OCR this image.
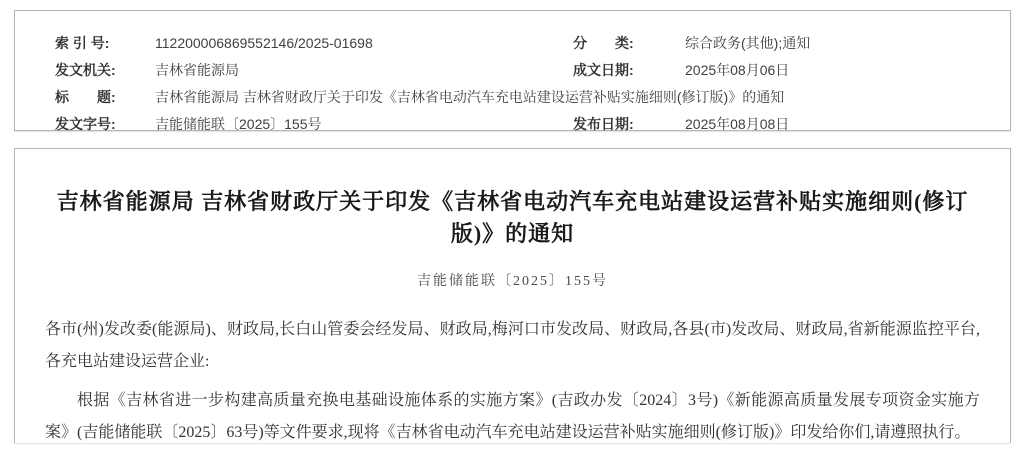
索 引 号:	112200006869552146/2025-01698	分　　类:	综合政务(其他);通知
发文机关:	吉林省能源局	成文日期:	2025年08月06日
标　　题:	吉林省能源局 吉林省财政厅关于印发《吉林省电动汽车充电站建设运营补贴实施细则(修订版)》的通知
发文字号:	吉能储能联〔2025〕155号	发布日期:	2025年08月08日
吉林省能源局 吉林省财政厅关于印发《吉林省电动汽车充电站建设运营补贴实施细则(修订版)》的通知
吉能储能联〔2025〕155号

各市(州)发改委(能源局)、财政局,长白山管委会经发局、财政局,梅河口市发改局、财政局,各县(市)发改局、财政局,省新能源监控平台,各充电站建设运营企业:

根据《吉林省进一步构建高质量充换电基础设施体系的实施方案》(吉政办发〔2024〕3号)《新能源高质量发展专项资金实施方案》(吉能储能联〔2025〕63号)等文件要求,现将《吉林省电动汽车充电站建设运营补贴实施细则(修订版)》印发给你们,请遵照执行。
